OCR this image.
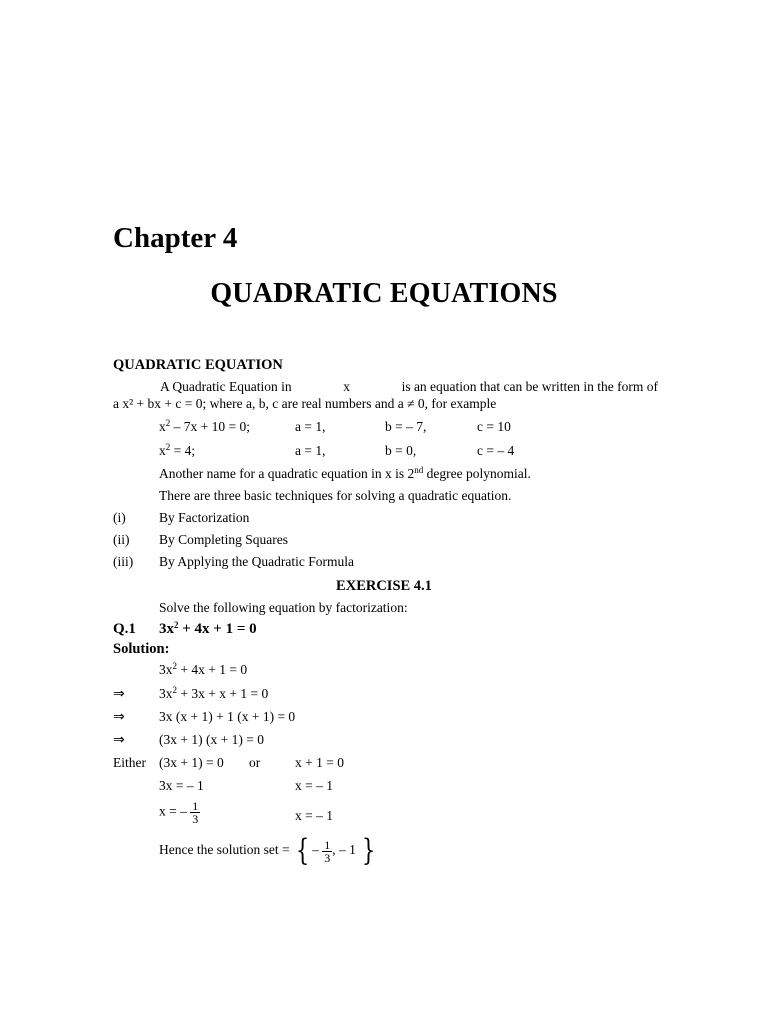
Chapter 4
QUADRATIC EQUATIONS
QUADRATIC EQUATION
A Quadratic Equation in	x	is an equation that can be written in the form of
a x² + bx + c = 0; where a, b, c are real numbers and a ≠ 0, for example
$x^2 - 7x + 10 = 0$;	a = 1,	b = – 7,	c = 10
$x^2 = 4$;	a = 1,	b = 0,	c = – 4
Another name for a quadratic equation in x is 2nd degree polynomial.
There are three basic techniques for solving a quadratic equation.
(i) By Factorization
(ii) By Completing Squares
(iii) By Applying the Quadratic Formula
EXERCISE 4.1
Solve the following equation by factorization:
Q.1 $3x^2 + 4x + 1 = 0$
Solution:
$3x^2 + 4x + 1 = 0$
⇒	$3x^2 + 3x + x + 1 = 0$
⇒	3x (x + 1) + 1 (x + 1) = 0
⇒	(3x + 1) (x + 1) = 0
Either (3x + 1) = 0 or	x + 1 = 0
3x = – 1	x = – 1
x = – $\frac{1}{3}$	x = – 1
Hence the solution set = { – $\frac{1}{3}$ , – 1 }
